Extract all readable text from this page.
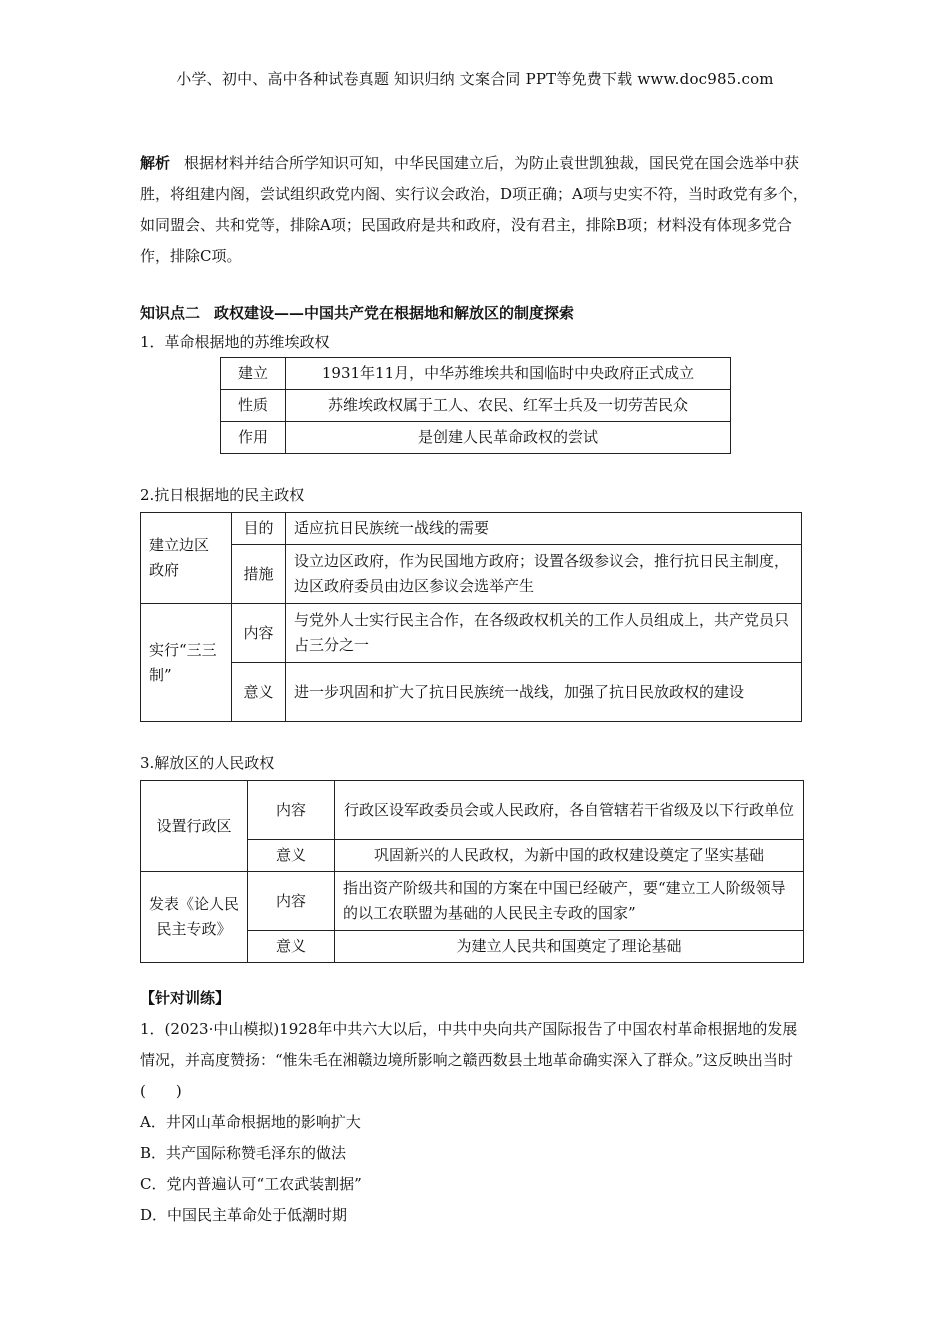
小学、初中、高中各种试卷真题 知识归纳 文案合同 PPT等免费下载 www.doc985.com
解析 根据材料并结合所学知识可知，中华民国建立后，为防止袁世凯独裁，国民党在国会选举中获胜，将组建内阁，尝试组织政党内阁、实行议会政治，D项正确；A项与史实不符，当时政党有多个，如同盟会、共和党等，排除A项；民国政府是共和政府，没有君主，排除B项；材料没有体现多党合作，排除C项。
知识点二 政权建设——中国共产党在根据地和解放区的制度探索
1．革命根据地的苏维埃政权
建立	1931年11月，中华苏维埃共和国临时中央政府正式成立
性质	苏维埃政权属于工人、农民、红军士兵及一切劳苦民众
作用	是创建人民革命政权的尝试
2.抗日根据地的民主政权
建立边区政府	目的	适应抗日民族统一战线的需要
	措施	设立边区政府，作为民国地方政府；设置各级参议会，推行抗日民主制度，边区政府委员由边区参议会选举产生
实行“三三制”	内容	与党外人士实行民主合作，在各级政权机关的工作人员组成上，共产党员只占三分之一
	意义	进一步巩固和扩大了抗日民族统一战线，加强了抗日民放政权的建设
3.解放区的人民政权
设置行政区	内容	行政区设军政委员会或人民政府，各自管辖若干省级及以下行政单位
	意义	巩固新兴的人民政权，为新中国的政权建设奠定了坚实基础
发表《论人民民主专政》	内容	指出资产阶级共和国的方案在中国已经破产，要“建立工人阶级领导的以工农联盟为基础的人民民主专政的国家”
	意义	为建立人民共和国奠定了理论基础
【针对训练】
1．(2023·中山模拟)1928年中共六大以后，中共中央向共产国际报告了中国农村革命根据地的发展情况，并高度赞扬：“惟朱毛在湘赣边境所影响之赣西数县土地革命确实深入了群众。”这反映出当时(　　)
A．井冈山革命根据地的影响扩大
B．共产国际称赞毛泽东的做法
C．党内普遍认可“工农武装割据”
D．中国民主革命处于低潮时期
